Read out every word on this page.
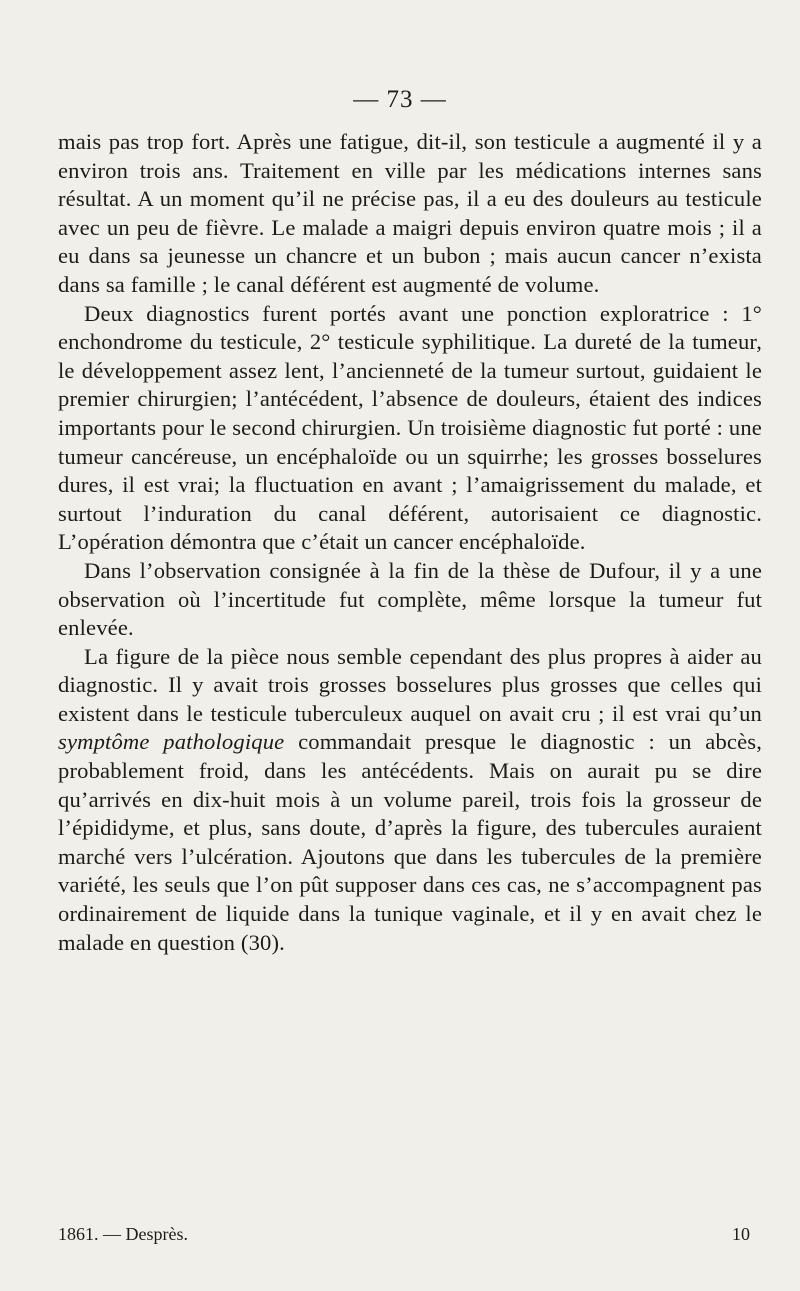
— 73 —

mais pas trop fort. Après une fatigue, dit-il, son testicule a augmenté il y a environ trois ans. Traitement en ville par les médications internes sans résultat. A un moment qu’il ne précise pas, il a eu des douleurs au testicule avec un peu de fièvre. Le malade a maigri depuis environ quatre mois ; il a eu dans sa jeunesse un chancre et un bubon ; mais aucun cancer n’exista dans sa famille ; le canal déférent est augmenté de volume.

Deux diagnostics furent portés avant une ponction exploratrice : 1° enchondrome du testicule, 2° testicule syphilitique. La dureté de la tumeur, le développement assez lent, l’ancienneté de la tumeur surtout, guidaient le premier chirurgien; l’antécédent, l’absence de douleurs, étaient des indices importants pour le second chirurgien. Un troisième diagnostic fut porté : une tumeur cancéreuse, un encéphaloïde ou un squirrhe; les grosses bosselures dures, il est vrai; la fluctuation en avant ; l’amaigrissement du malade, et surtout l’induration du canal déférent, autorisaient ce diagnostic. L’opération démontra que c’était un cancer encéphaloïde.

Dans l’observation consignée à la fin de la thèse de Dufour, il y a une observation où l’incertitude fut complète, même lorsque la tumeur fut enlevée.

La figure de la pièce nous semble cependant des plus propres à aider au diagnostic. Il y avait trois grosses bosselures plus grosses que celles qui existent dans le testicule tuberculeux auquel on avait cru ; il est vrai qu’un symptôme pathologique commandait presque le diagnostic : un abcès, probablement froid, dans les antécédents. Mais on aurait pu se dire qu’arrivés en dix-huit mois à un volume pareil, trois fois la grosseur de l’épididyme, et plus, sans doute, d’après la figure, des tubercules auraient marché vers l’ulcération. Ajoutons que dans les tubercules de la première variété, les seuls que l’on pût supposer dans ces cas, ne s’accompagnent pas ordinairement de liquide dans la tunique vaginale, et il y en avait chez le malade en question (30).

1861. — Desprès.	10
